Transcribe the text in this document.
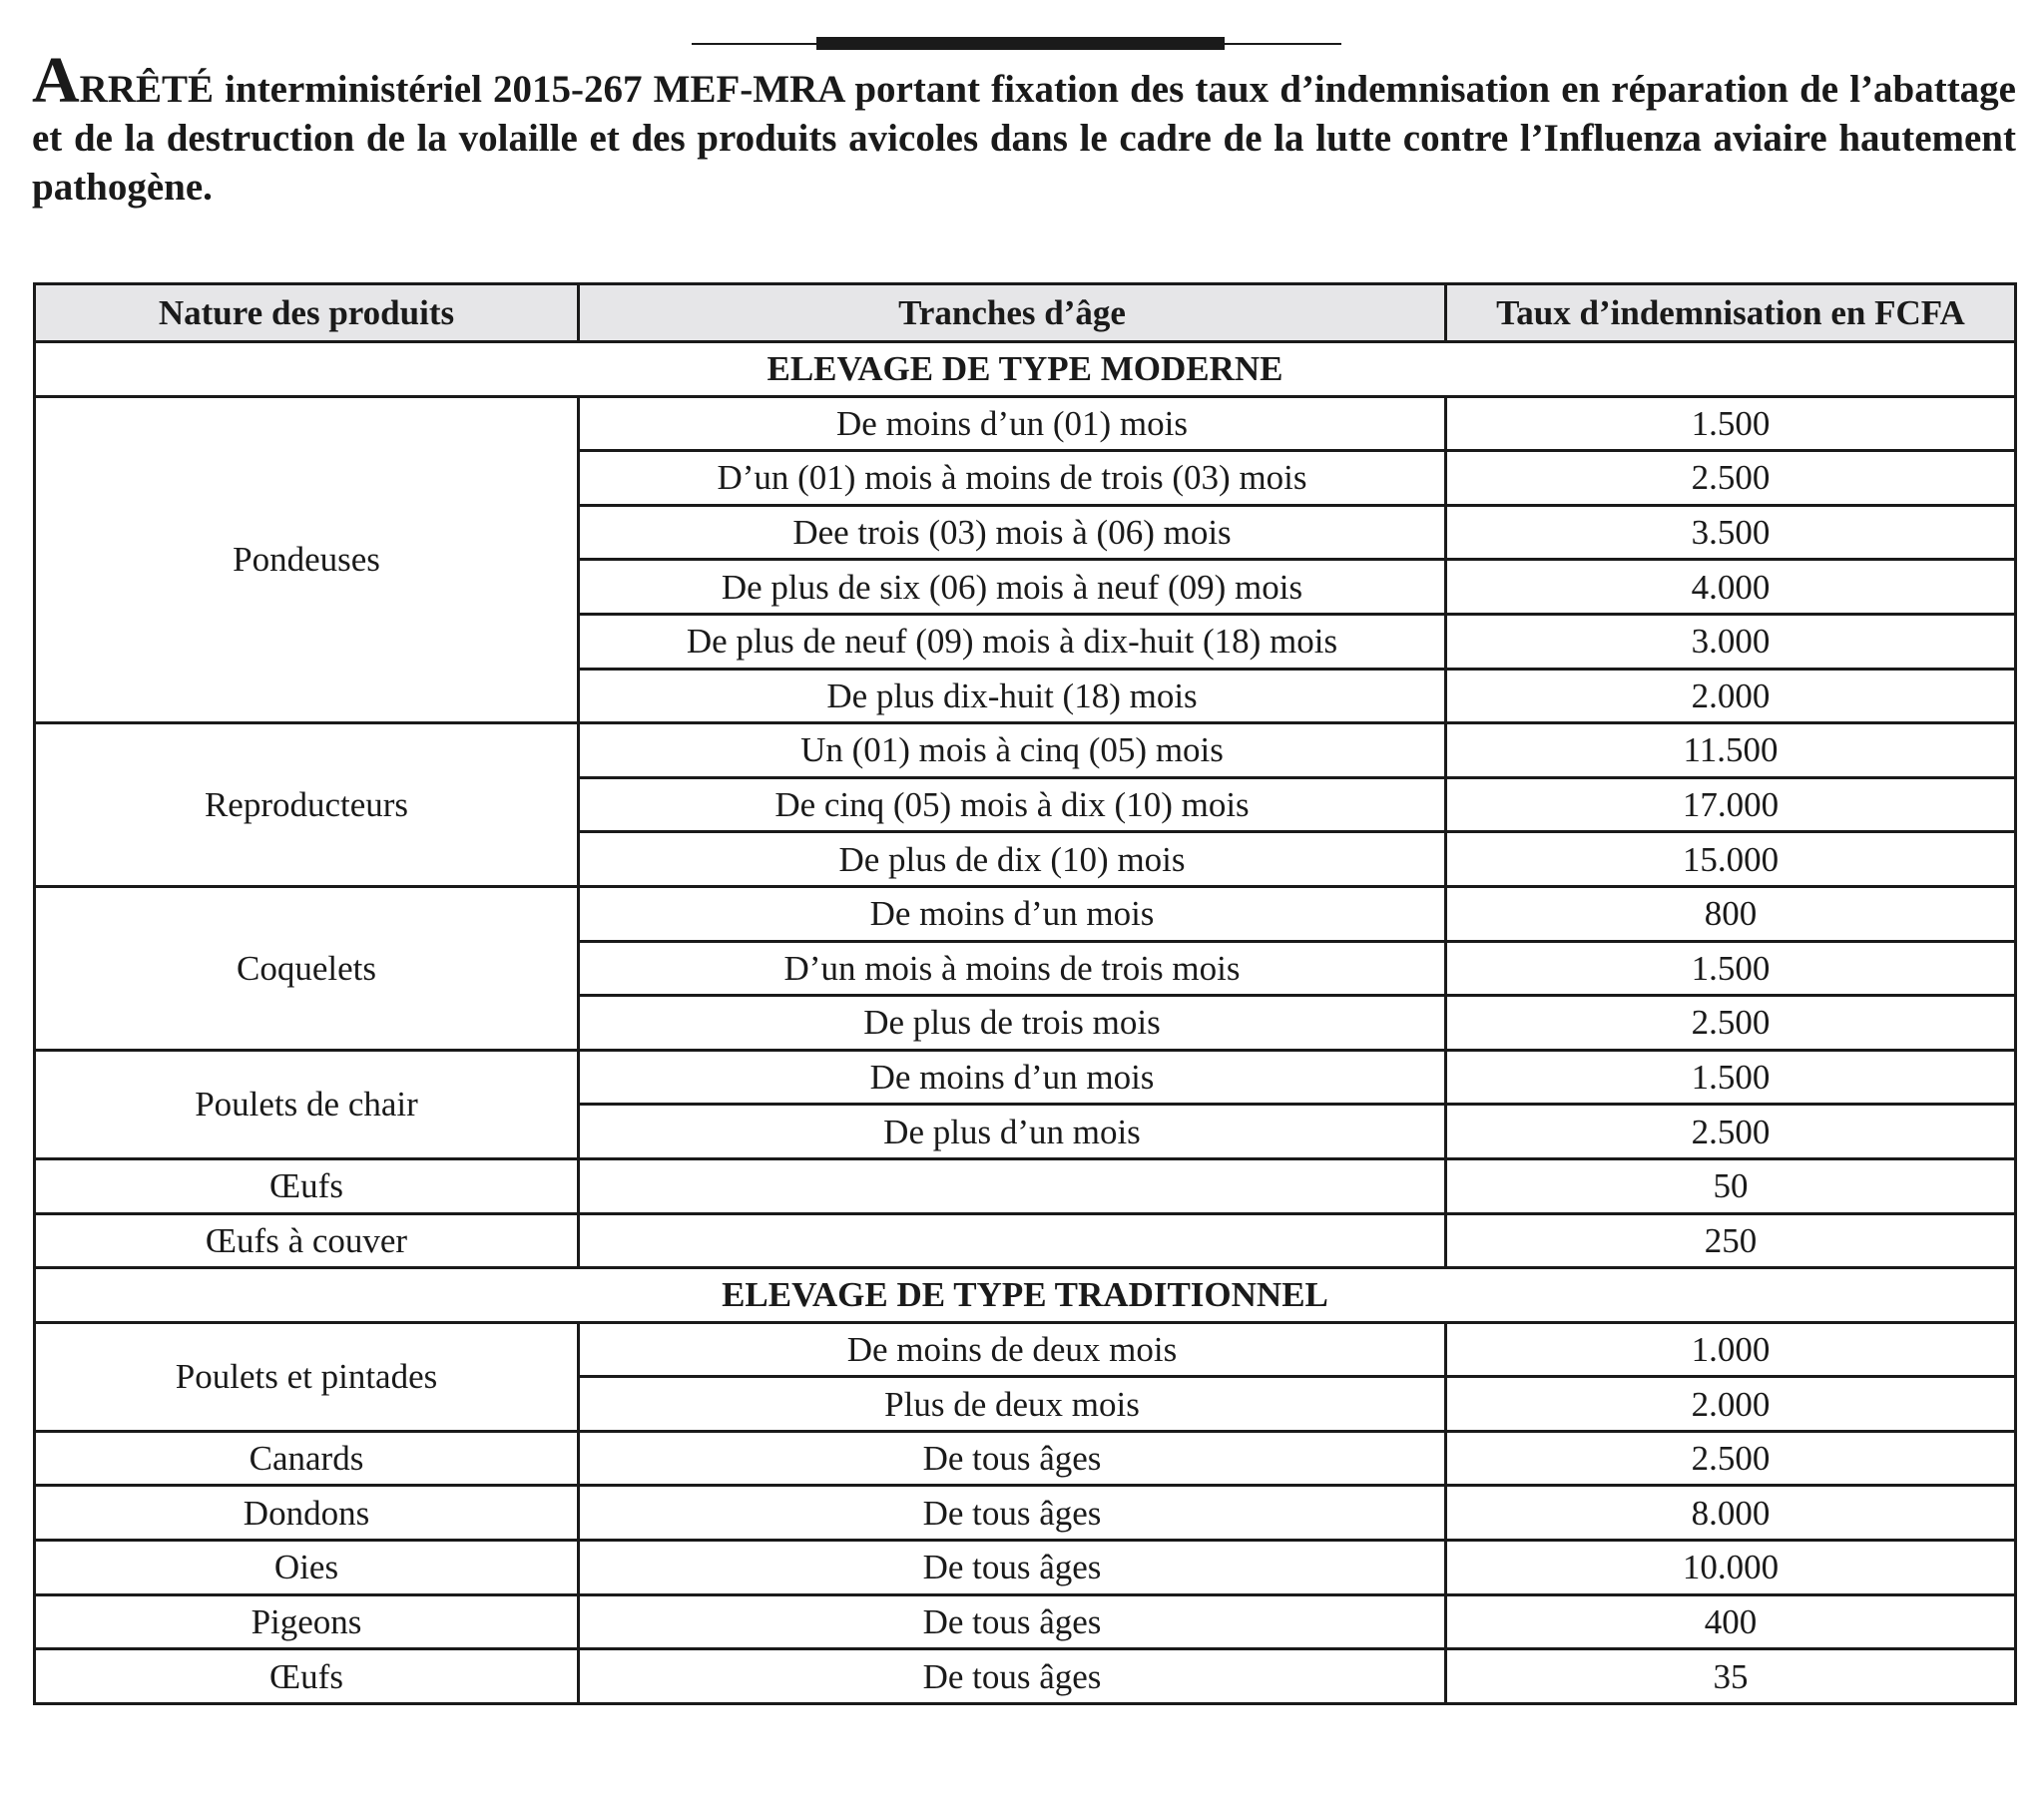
ARRÊTÉ interministériel 2015-267 MEF-MRA portant fixation des taux d’indemnisation en réparation de l’abattage et de la destruction de la volaille et des produits avicoles dans le cadre de la lutte contre l’Influenza aviaire hautement pathogène.
Nature des produits	Tranches d’âge	Taux d’indemnisation en FCFA
ELEVAGE DE TYPE MODERNE		
Pondeuses	De moins d’un (01) mois	1.500
	D’un (01) mois à moins de trois (03) mois	2.500
	Dee trois (03) mois à (06) mois	3.500
	De plus de six (06) mois à neuf (09) mois	4.000
	De plus de neuf (09) mois à dix-huit (18) mois	3.000
	De plus dix-huit (18) mois	2.000
Reproducteurs	Un (01) mois à cinq (05) mois	11.500
	De cinq (05) mois à dix (10) mois	17.000
	De plus de dix (10) mois	15.000
Coquelets	De moins d’un mois	800
	D’un mois à moins de trois mois	1.500
	De plus de trois mois	2.500
Poulets de chair	De moins d’un mois	1.500
	De plus d’un mois	2.500
Œufs		50
Œufs à couver		250
ELEVAGE DE TYPE TRADITIONNEL		
Poulets et pintades	De moins de deux mois	1.000
	Plus de deux mois	2.000
Canards	De tous âges	2.500
Dondons	De tous âges	8.000
Oies	De tous âges	10.000
Pigeons	De tous âges	400
Œufs	De tous âges	35
